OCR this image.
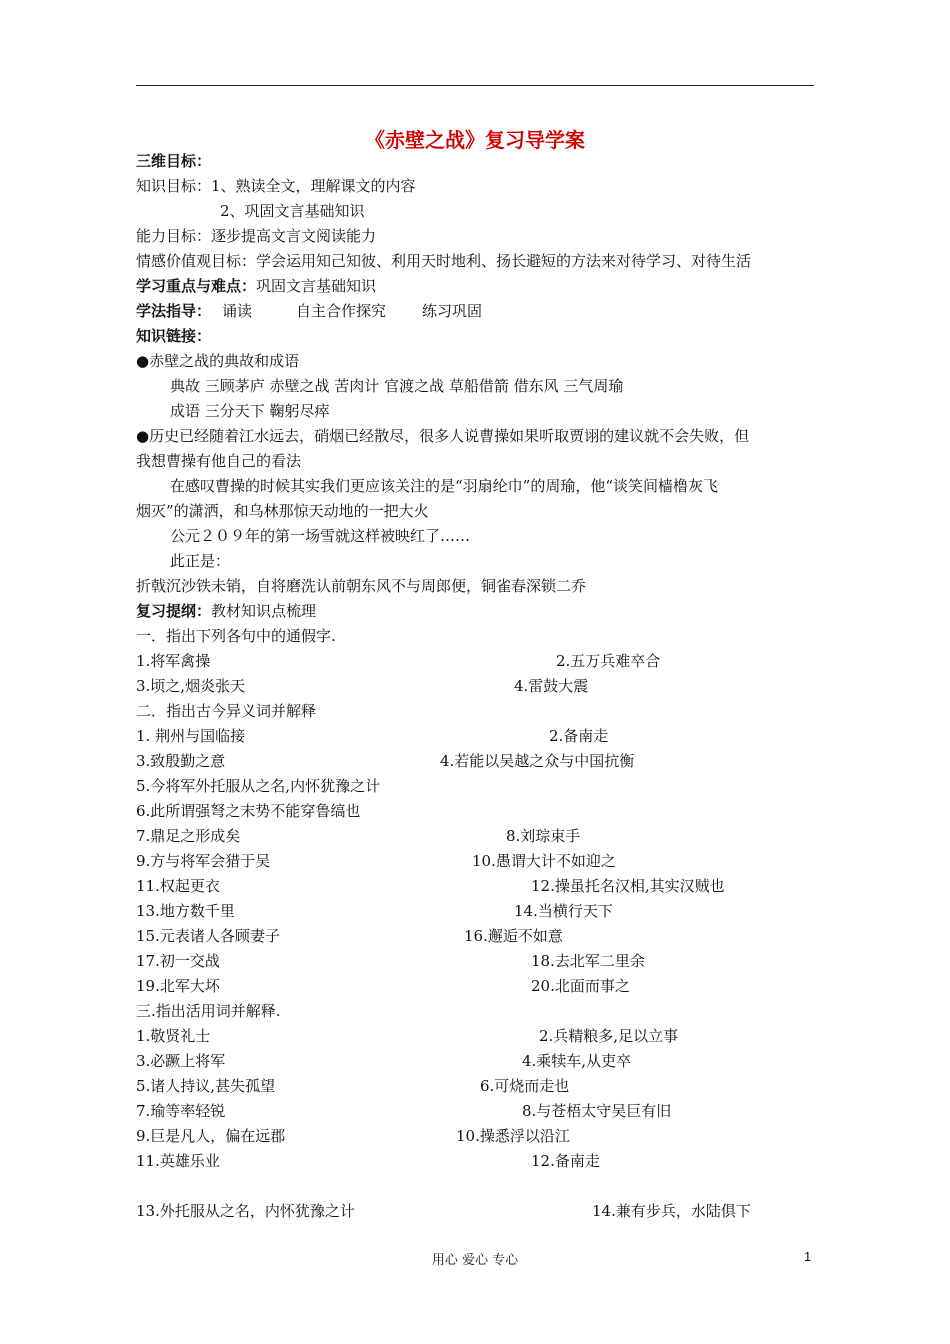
《赤壁之战》复习导学案
三维目标：
知识目标：1、熟读全文，理解课文的内容
2、巩固文言基础知识
能力目标：逐步提高文言文阅读能力
情感价值观目标：学会运用知己知彼、利用天时地利、扬长避短的方法来对待学习、对待生活
学习重点与难点：巩固文言基础知识
学法指导： 诵读	自主合作探究 练习巩固
知识链接：
●赤壁之战的典故和成语
典故 三顾茅庐 赤壁之战 苦肉计 官渡之战 草船借箭 借东风 三气周瑜
成语 三分天下 鞠躬尽瘁
●历史已经随着江水远去，硝烟已经散尽，很多人说曹操如果听取贾诩的建议就不会失败，但
我想曹操有他自己的看法
在感叹曹操的时候其实我们更应该关注的是“羽扇纶巾”的周瑜，他“谈笑间樯橹灰飞
烟灭”的潇洒，和乌林那惊天动地的一把大火
公元２０９年的第一场雪就这样被映红了……
此正是：
折戟沉沙铁未销，自将磨洗认前朝东风不与周郎便，铜雀春深锁二乔
复习提纲：教材知识点梳理
一．指出下列各句中的通假字.
1.将军禽操	2.五万兵难卒合
3.顷之,烟炎张天	4.雷鼓大震
二．指出古今异义词并解释
1. 荆州与国临接	2.备南走
3.致殷勤之意	4.若能以吴越之众与中国抗衡
5.今将军外托服从之名,内怀犹豫之计
6.此所谓强弩之末势不能穿鲁缟也
7.鼎足之形成矣	8.刘琮束手
9.方与将军会猎于吴	10.愚谓大计不如迎之
11.权起更衣	12.操虽托名汉相,其实汉贼也
13.地方数千里	14.当横行天下
15.元表诸人各顾妻子	16.邂逅不如意
17.初一交战	18.去北军二里余
19.北军大坏	20.北面而事之
三.指出活用词并解释.
1.敬贤礼士	2.兵精粮多,足以立事
3.必蹶上将军	4.乘犊车,从吏卒
5.诸人持议,甚失孤望	6.可烧而走也
7.瑜等率轻锐	8.与苍梧太守吴巨有旧
9.巨是凡人，偏在远郡	10.操悉浮以沿江
11.英雄乐业	12.备南走
13.外托服从之名，内怀犹豫之计	14.兼有步兵，水陆俱下
用心 爱心 专心	1
